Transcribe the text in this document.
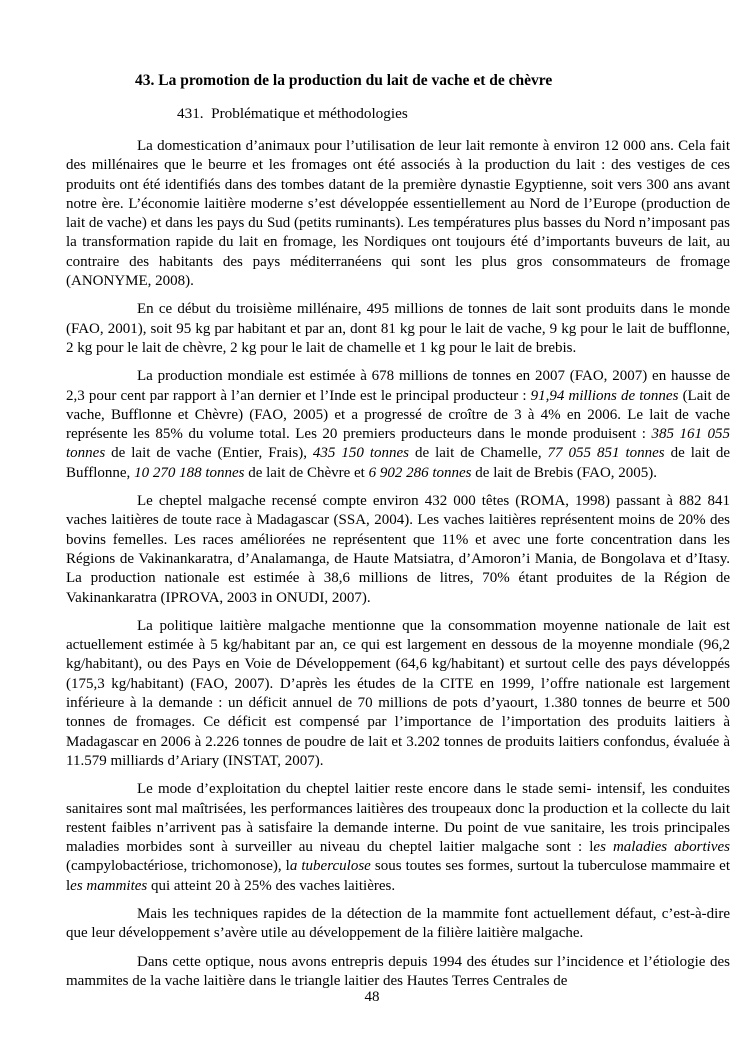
43. La promotion de la production du lait de vache et de chèvre
431.  Problématique et méthodologies

La domestication d’animaux pour l’utilisation de leur lait remonte à environ 12 000 ans. Cela fait des millénaires que le beurre et les fromages ont été associés à la production du lait : des vestiges de ces produits ont été identifiés dans des tombes datant de la première dynastie Egyptienne, soit vers 300 ans avant notre ère. L’économie laitière moderne s’est développée essentiellement au Nord de l’Europe (production de lait de vache) et dans les pays du Sud (petits ruminants). Les températures plus basses du Nord n’imposant pas la transformation rapide du lait en fromage, les Nordiques ont toujours été d’importants buveurs de lait, au contraire des habitants des pays méditerranéens qui sont les plus gros consommateurs de fromage (ANONYME, 2008).

En ce début du troisième millénaire, 495 millions de tonnes de lait sont produits dans le monde (FAO, 2001), soit 95 kg par habitant et par an, dont 81 kg pour le lait de vache, 9 kg pour le lait de bufflonne, 2 kg pour le lait de chèvre, 2 kg pour le lait de chamelle et 1 kg pour le lait de brebis.

La production mondiale est estimée à 678 millions de tonnes en 2007 (FAO, 2007) en hausse de 2,3 pour cent par rapport à l’an dernier et l’Inde est le principal producteur : 91,94 millions de tonnes (Lait de vache, Bufflonne et Chèvre) (FAO, 2005) et a progressé de croître de 3 à 4% en 2006. Le lait de vache représente les 85% du volume total. Les 20 premiers producteurs dans le monde produisent : 385 161 055 tonnes de lait de vache (Entier, Frais), 435 150 tonnes de lait de Chamelle, 77 055 851 tonnes de lait de Bufflonne, 10 270 188 tonnes de lait de Chèvre et 6 902 286 tonnes de lait de Brebis (FAO, 2005).

Le cheptel malgache recensé compte environ 432 000 têtes (ROMA, 1998) passant à 882 841 vaches laitières de toute race à Madagascar (SSA, 2004). Les vaches laitières représentent moins de 20% des bovins femelles. Les races améliorées ne représentent que 11% et avec une forte concentration dans les Régions de Vakinankaratra, d’Analamanga, de Haute Matsiatra, d’Amoron’i Mania, de Bongolava et d’Itasy. La production nationale est estimée à 38,6 millions de litres, 70% étant produites de la Région de Vakinankaratra (IPROVA, 2003 in ONUDI, 2007).

La politique laitière malgache mentionne que la consommation moyenne nationale de lait est actuellement estimée à 5 kg/habitant par an, ce qui est largement en dessous de la moyenne mondiale (96,2 kg/habitant), ou des Pays en Voie de Développement (64,6 kg/habitant) et surtout celle des pays développés (175,3 kg/habitant) (FAO, 2007). D’après les études de la CITE en 1999, l’offre nationale est largement inférieure à la demande : un déficit annuel de 70 millions de pots d’yaourt, 1.380 tonnes de beurre et 500 tonnes de fromages. Ce déficit est compensé par l’importance de l’importation des produits laitiers à Madagascar en 2006 à 2.226 tonnes de poudre de lait et 3.202 tonnes de produits laitiers confondus, évaluée à 11.579 milliards d’Ariary (INSTAT, 2007).

Le mode d’exploitation du cheptel laitier reste encore dans le stade semi- intensif, les conduites sanitaires sont mal maîtrisées, les performances laitières des troupeaux donc la production et la collecte du lait restent faibles n’arrivent pas à satisfaire la demande interne. Du point de vue sanitaire, les trois principales maladies morbides sont à surveiller au niveau du cheptel laitier malgache sont : les maladies abortives (campylobactériose, trichomonose), la tuberculose sous toutes ses formes, surtout la tuberculose mammaire et les mammites qui atteint 20 à 25% des vaches laitières.

Mais les techniques rapides de la détection de la mammite font actuellement défaut, c’est-à-dire que leur développement s’avère utile au développement de la filière laitière malgache.

Dans cette optique, nous avons entrepris depuis 1994 des études sur l’incidence et l’étiologie des mammites de la vache laitière dans le triangle laitier des Hautes Terres Centrales de

48
